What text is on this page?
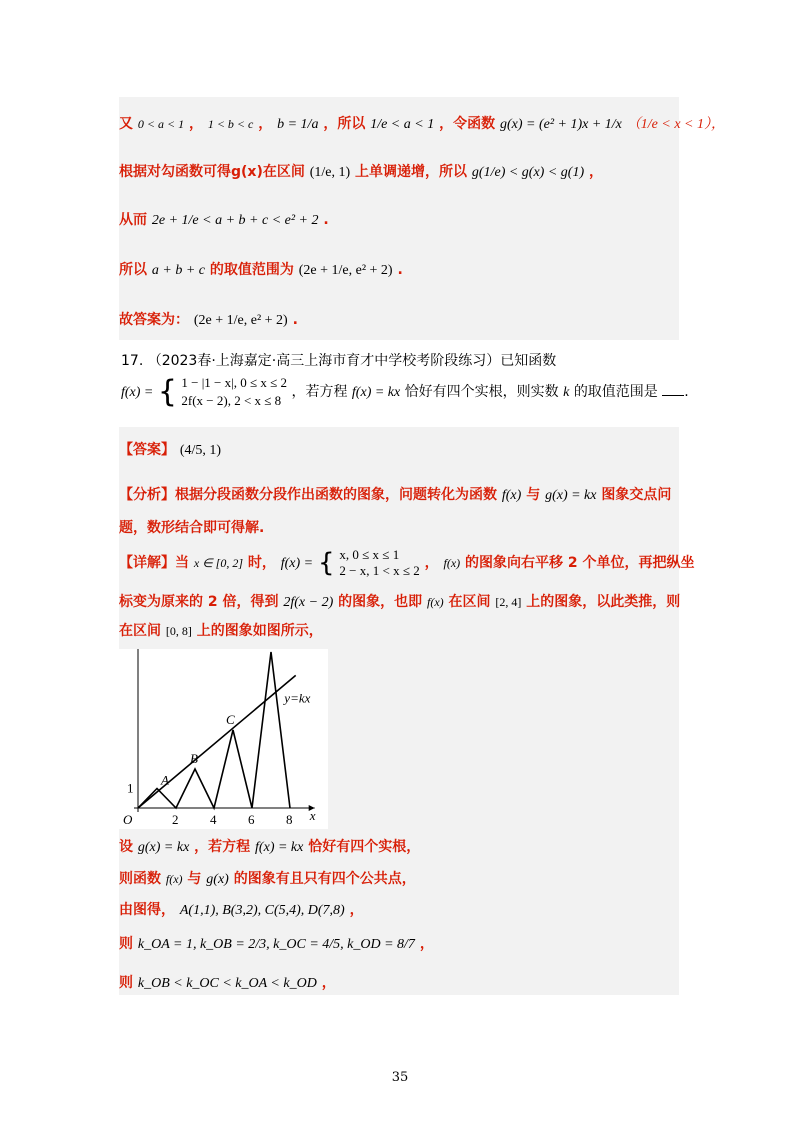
又 0 < a < 1 ， 1 < b < c ， b = 1/a ，所以 1/e < a < 1 ，令函数 g(x) = (e² + 1)x + 1/x （1/e < x < 1），
根据对勾函数可得g(x)在区间 (1/e, 1) 上单调递增，所以 g(1/e) < g(x) < g(1) ，
从而 2e + 1/e < a + b + c < e² + 2 .
所以 a + b + c 的取值范围为 (2e + 1/e, e² + 2) .
故答案为： (2e + 1/e, e² + 2) .
17. （2023春·上海嘉定·高三上海市育才中学校考阶段练习）已知函数
f(x) = { 1 − |1 − x|, 0 ≤ x ≤ 2
2f(x − 2), 2 < x ≤ 8
，若方程 f(x) = kx 恰好有四个实根，则实数 k 的取值范围是 .
【答案】 (4/5, 1)
【分析】根据分段函数分段作出函数的图象，问题转化为函数 f(x) 与 g(x) = kx 图象交点问
题，数形结合即可得解.
【详解】当 x ∈ [0, 2] 时， f(x) = { x, 0 ≤ x ≤ 1
2 − x, 1 < x ≤ 2 ， f(x) 的图象向右平移 2 个单位，再把纵坐
标变为原来的 2 倍，得到 2f(x − 2) 的图象，也即 f(x) 在区间 [2, 4] 上的图象，以此类推，则
在区间 [0, 8] 上的图象如图所示，
x
O	2 4 6 8
1
A
B
C
y=kx
设 g(x) = kx ，若方程 f(x) = kx 恰好有四个实根，
则函数 f(x) 与 g(x) 的图象有且只有四个公共点，
由图得， A(1,1), B(3,2), C(5,4), D(7,8) ，
则 k_OA = 1, k_OB = 2/3, k_OC = 4/5, k_OD = 8/7 ，
则 k_OB < k_OC < k_OA < k_OD ，
35
